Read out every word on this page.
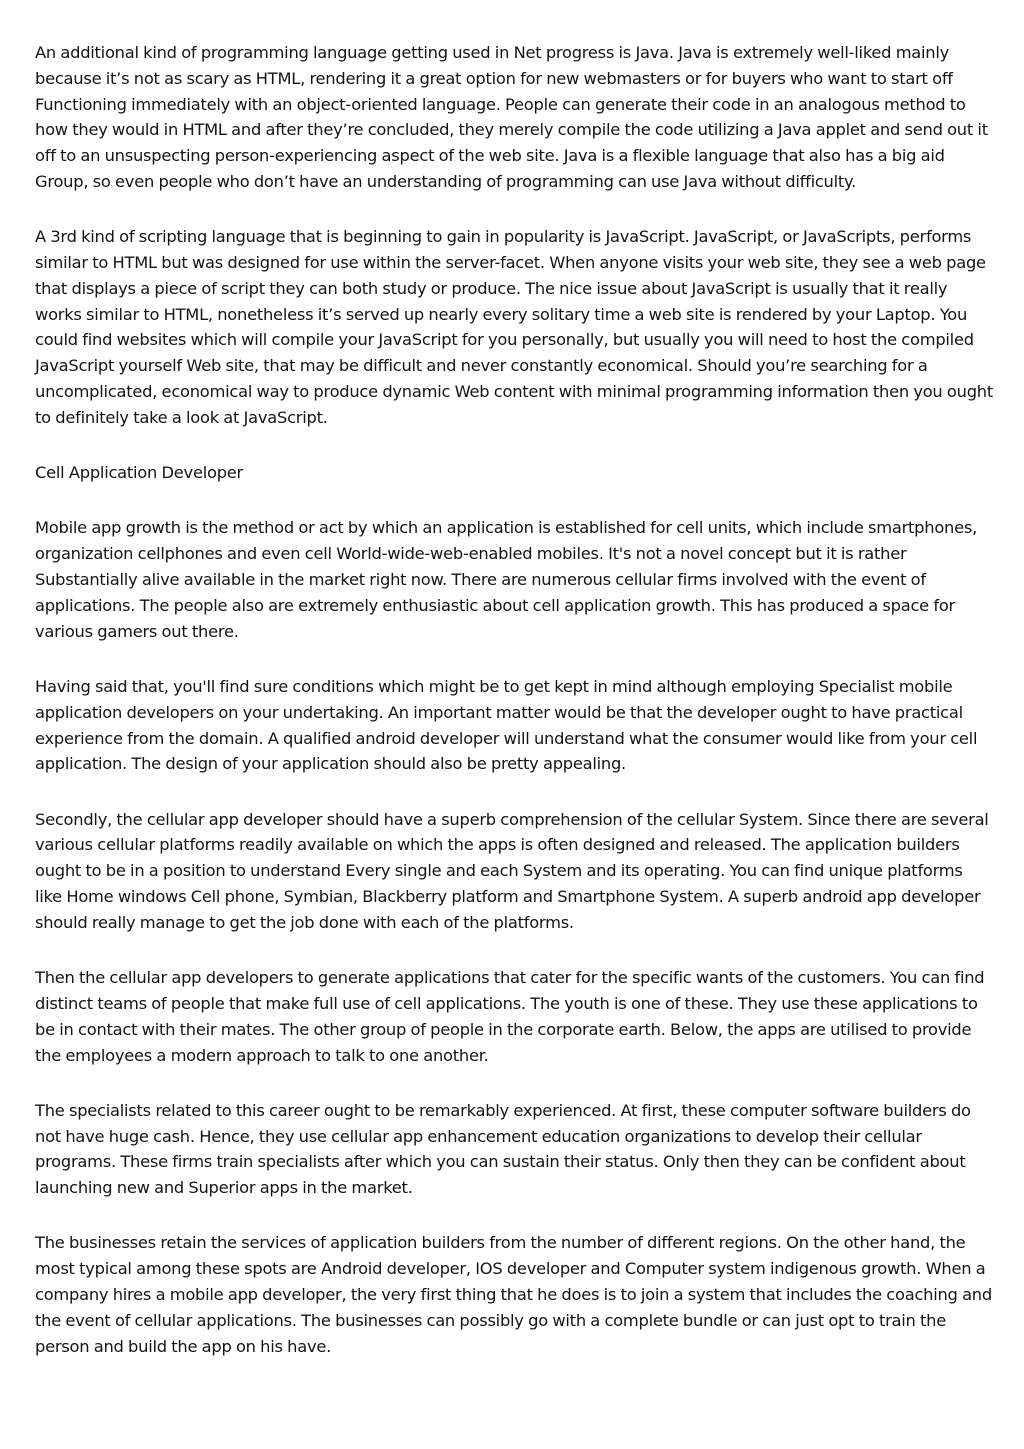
An additional kind of programming language getting used in Net progress is Java. Java is extremely well-liked mainly because it’s not as scary as HTML, rendering it a great option for new webmasters or for buyers who want to start off Functioning immediately with an object-oriented language. People can generate their code in an analogous method to how they would in HTML and after they’re concluded, they merely compile the code utilizing a Java applet and send out it off to an unsuspecting person-experiencing aspect of the web site. Java is a flexible language that also has a big aid Group, so even people who don’t have an understanding of programming can use Java without difficulty.

A 3rd kind of scripting language that is beginning to gain in popularity is JavaScript. JavaScript, or JavaScripts, performs similar to HTML but was designed for use within the server-facet. When anyone visits your web site, they see a web page that displays a piece of script they can both study or produce. The nice issue about JavaScript is usually that it really works similar to HTML, nonetheless it’s served up nearly every solitary time a web site is rendered by your Laptop. You could find websites which will compile your JavaScript for you personally, but usually you will need to host the compiled JavaScript yourself Web site, that may be difficult and never constantly economical. Should you’re searching for a uncomplicated, economical way to produce dynamic Web content with minimal programming information then you ought to definitely take a look at JavaScript.

Cell Application Developer

Mobile app growth is the method or act by which an application is established for cell units, which include smartphones, organization cellphones and even cell World-wide-web-enabled mobiles. It's not a novel concept but it is rather Substantially alive available in the market right now. There are numerous cellular firms involved with the event of applications. The people also are extremely enthusiastic about cell application growth. This has produced a space for various gamers out there.

Having said that, you'll find sure conditions which might be to get kept in mind although employing Specialist mobile application developers on your undertaking. An important matter would be that the developer ought to have practical experience from the domain. A qualified android developer will understand what the consumer would like from your cell application. The design of your application should also be pretty appealing.

Secondly, the cellular app developer should have a superb comprehension of the cellular System. Since there are several various cellular platforms readily available on which the apps is often designed and released. The application builders ought to be in a position to understand Every single and each System and its operating. You can find unique platforms like Home windows Cell phone, Symbian, Blackberry platform and Smartphone System. A superb android app developer should really manage to get the job done with each of the platforms.

Then the cellular app developers to generate applications that cater for the specific wants of the customers. You can find distinct teams of people that make full use of cell applications. The youth is one of these. They use these applications to be in contact with their mates. The other group of people in the corporate earth. Below, the apps are utilised to provide the employees a modern approach to talk to one another.

The specialists related to this career ought to be remarkably experienced. At first, these computer software builders do not have huge cash. Hence, they use cellular app enhancement education organizations to develop their cellular programs. These firms train specialists after which you can sustain their status. Only then they can be confident about launching new and Superior apps in the market.

The businesses retain the services of application builders from the number of different regions. On the other hand, the most typical among these spots are Android developer, IOS developer and Computer system indigenous growth. When a company hires a mobile app developer, the very first thing that he does is to join a system that includes the coaching and the event of cellular applications. The businesses can possibly go with a complete bundle or can just opt to train the person and build the app on his have.
